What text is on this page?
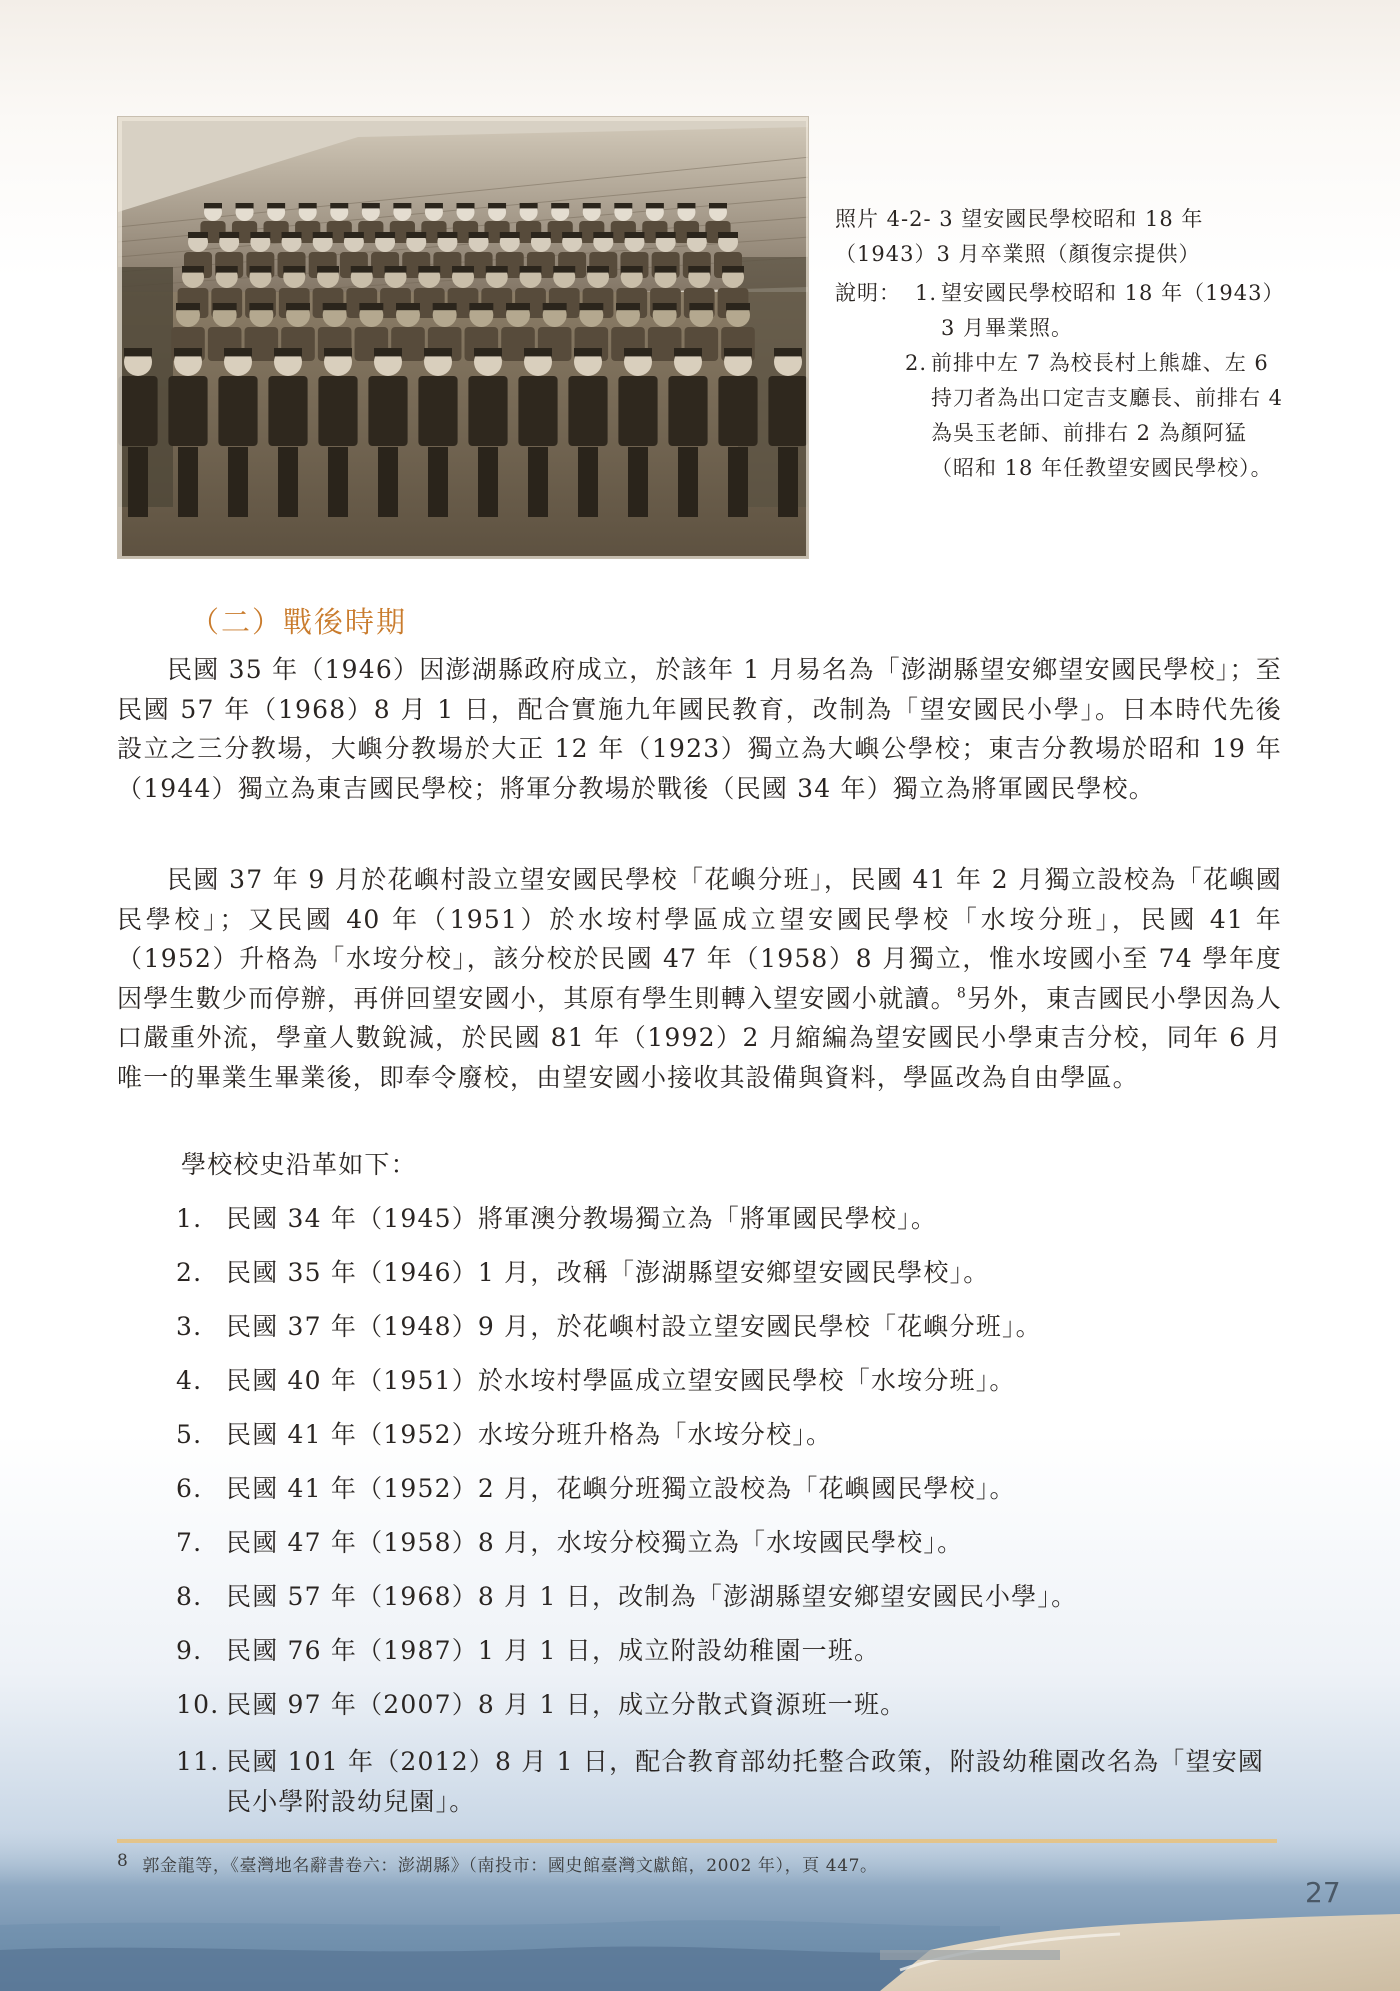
照片 4-2- 3 望安國民學校昭和 18 年（1943）3 月卒業照（顏復宗提供）

說明： 1. 望安國民學校昭和 18 年（1943）3 月畢業照。
2. 前排中左 7 為校長村上熊雄、左 6 持刀者為出口定吉支廳長、前排右 4 為吳玉老師、前排右 2 為顏阿猛（昭和 18 年任教望安國民學校）。
（二）戰後時期
民國 35 年（1946）因澎湖縣政府成立，於該年 1 月易名為「澎湖縣望安鄉望安國民學校」；至民國 57 年（1968）8 月 1 日，配合實施九年國民教育，改制為「望安國民小學」。日本時代先後設立之三分教場，大嶼分教場於大正 12 年（1923）獨立為大嶼公學校；東吉分教場於昭和 19 年（1944）獨立為東吉國民學校；將軍分教場於戰後（民國 34 年）獨立為將軍國民學校。
民國 37 年 9 月於花嶼村設立望安國民學校「花嶼分班」，民國 41 年 2 月獨立設校為「花嶼國民學校」；又民國 40 年（1951）於水垵村學區成立望安國民學校「水垵分班」，民國 41 年（1952）升格為「水垵分校」，該分校於民國 47 年（1958）8 月獨立，惟水垵國小至 74 學年度因學生數少而停辦，再併回望安國小，其原有學生則轉入望安國小就讀。$^8$另外，東吉國民小學因為人口嚴重外流，學童人數銳減，於民國 81 年（1992）2 月縮編為望安國民小學東吉分校，同年 6 月唯一的畢業生畢業後，即奉令廢校，由望安國小接收其設備與資料，學區改為自由學區。
學校校史沿革如下：
1. 民國 34 年（1945）將軍澳分教場獨立為「將軍國民學校」。
2. 民國 35 年（1946）1 月，改稱「澎湖縣望安鄉望安國民學校」。
3. 民國 37 年（1948）9 月，於花嶼村設立望安國民學校「花嶼分班」。
4. 民國 40 年（1951）於水垵村學區成立望安國民學校「水垵分班」。
5. 民國 41 年（1952）水垵分班升格為「水垵分校」。
6. 民國 41 年（1952）2 月，花嶼分班獨立設校為「花嶼國民學校」。
7. 民國 47 年（1958）8 月，水垵分校獨立為「水垵國民學校」。
8. 民國 57 年（1968）8 月 1 日，改制為「澎湖縣望安鄉望安國民小學」。
9. 民國 76 年（1987）1 月 1 日，成立附設幼稚園一班。
10. 民國 97 年（2007）8 月 1 日，成立分散式資源班一班。
11. 民國 101 年（2012）8 月 1 日，配合教育部幼托整合政策，附設幼稚園改名為「望安國民小學附設幼兒園」。
8 郭金龍等，《臺灣地名辭書卷六：澎湖縣》（南投市：國史館臺灣文獻館，2002 年），頁 447。
27
